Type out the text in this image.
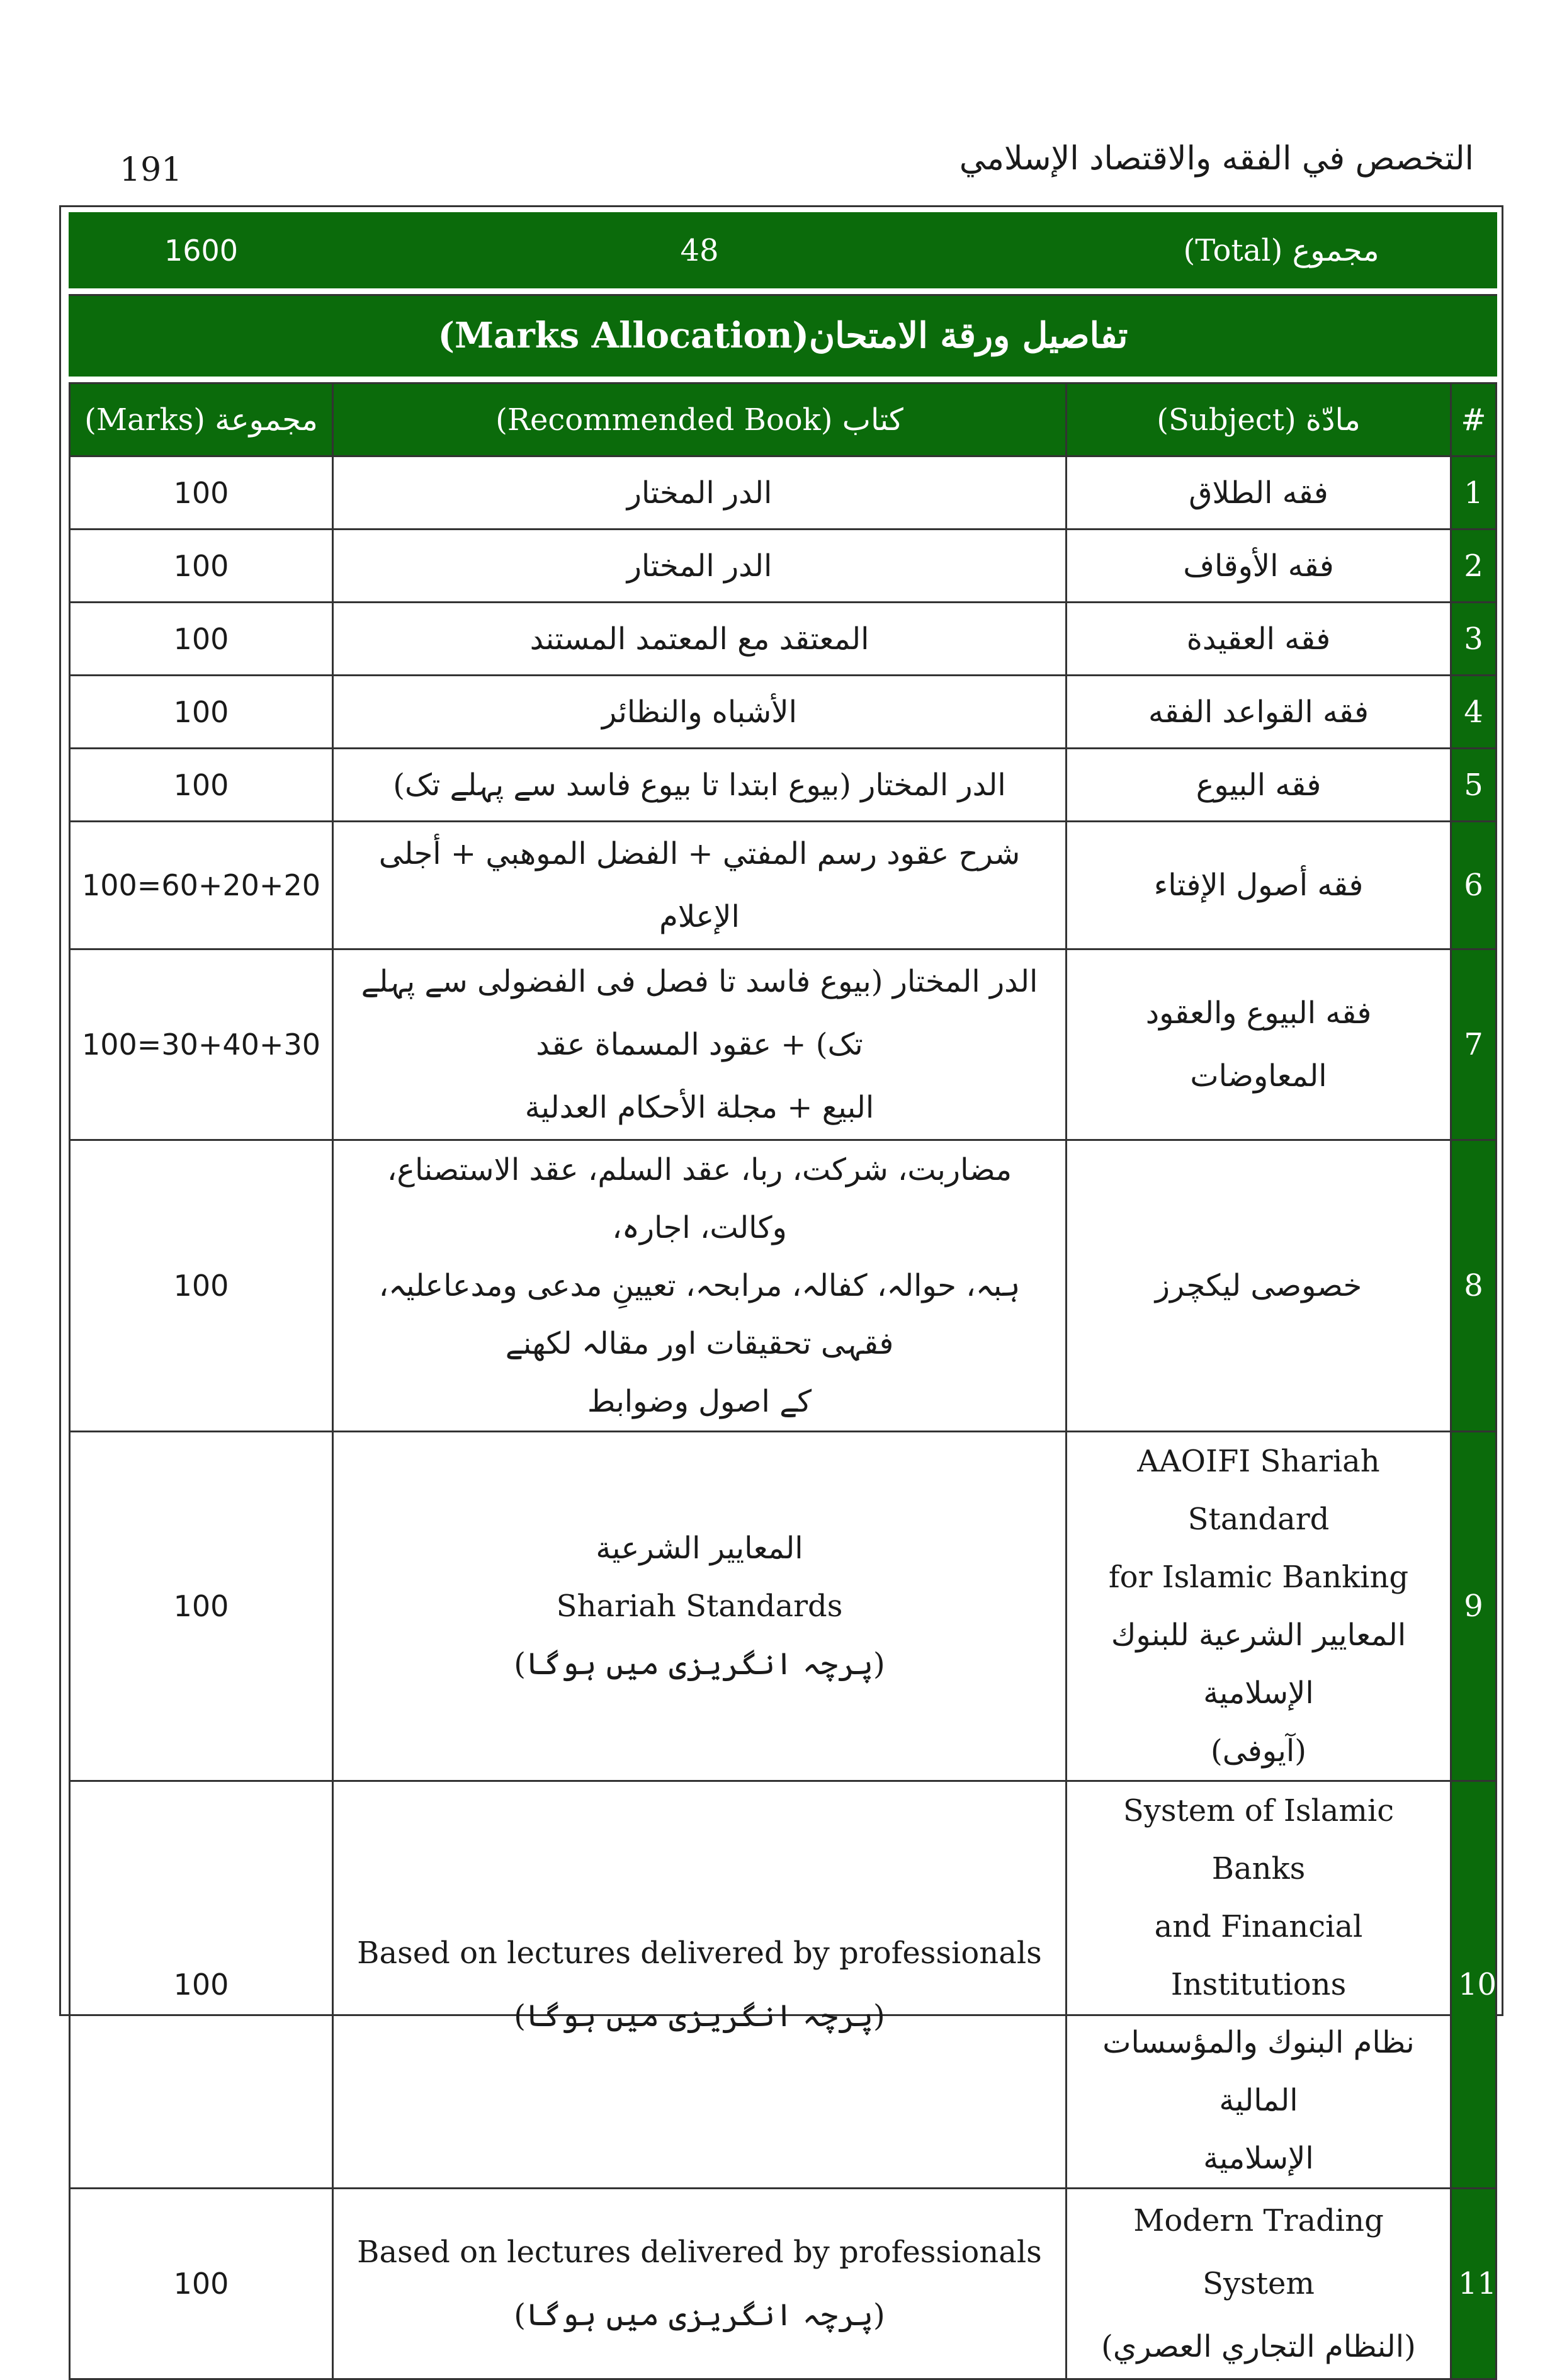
191	التخصص في الفقه والاقتصاد الإسلامي
1600	48	مجموع (Total)	

تفاصيل ورقة الامتحان(Marks Allocation)			

مجموعة (Marks)	كتاب (Recommended Book)	مادّة (Subject)	#
100	الدر المختار	فقه الطلاق	1
100	الدر المختار	فقه الأوقاف	2
100	المعتقد مع المعتمد المستند	فقه العقيدة	3
100	الأشباه والنظائر	فقه القواعد الفقه	4
100	الدر المختار (بیوع ابتدا تا بیوع فاسد سے پہلے تک)	فقه البيوع	5
100=60+20+20	شرح عقود رسم المفتي + الفضل الموهبي + أجلى الإعلام	فقه أصول الإفتاء	6
100=30+40+30	الدر المختار (بیوع فاسد تا فصل فی الفضولی سے پہلے تک) + عقود المسماة عقد
البيع + مجلة الأحكام العدلية	فقه البيوع والعقود المعاوضات	7
100	مضاربت، شرکت، ربا، عقد السلم، عقد الاستصناع، وکالت، اجارہ،
ہبہ، حوالہ، کفالہ، مرابحہ، تعیینِ مدعی ومدعاعلیہ، فقہی تحقیقات اور مقالہ لکھنے
کے اصول وضوابط	خصوصی لیکچرز	8
100	المعايير الشرعية
Shariah Standards
(پرچہ انگریزی میں ہوگا)	AAOIFI Shariah Standard
for Islamic Banking
المعايير الشرعية للبنوك الإسلامية
(آیوفی)	9
100	Based on lectures delivered by professionals
(پرچہ انگریزی میں ہوگا)	System of Islamic Banks
and Financial Institutions
نظام البنوك والمؤسسات المالية
الإسلامية	10
100	Based on lectures delivered by professionals
(پرچہ انگریزی میں ہوگا)	Modern Trading System
(النظام التجاري العصري)	11
